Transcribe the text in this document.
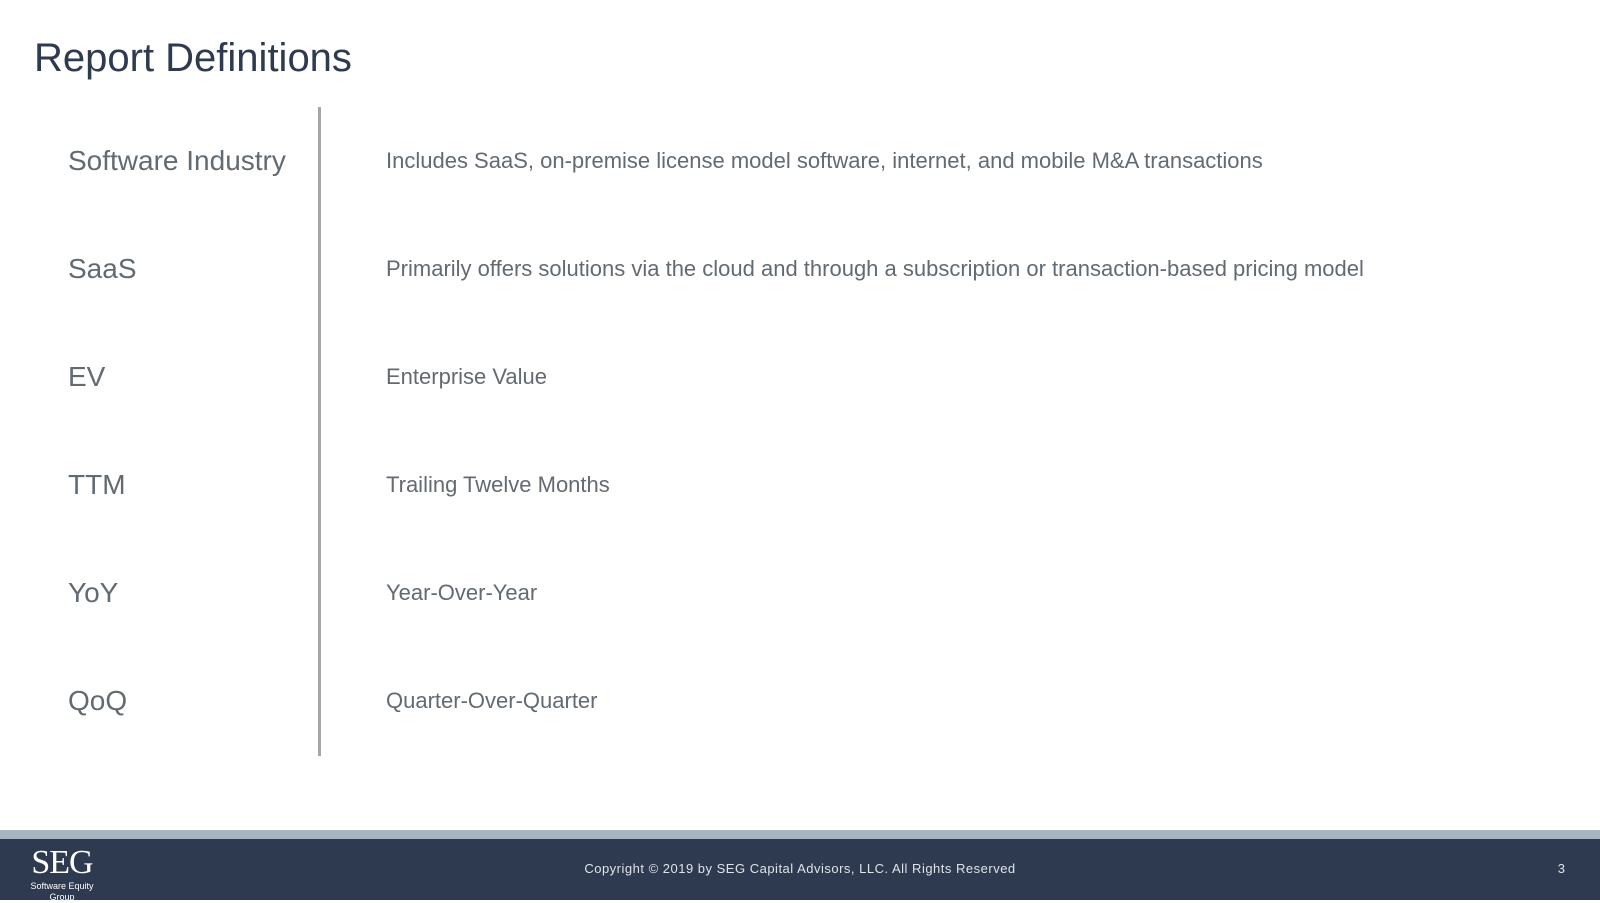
Report Definitions
Software Industry	Includes SaaS, on-premise license model software, internet, and mobile M&A transactions
SaaS	Primarily offers solutions via the cloud and through a subscription or transaction-based pricing model
EV	Enterprise Value
TTM	Trailing Twelve Months
YoY	Year-Over-Year
QoQ	Quarter-Over-Quarter
SEG
Software Equity Group
Copyright © 2019 by SEG Capital Advisors, LLC. All Rights Reserved	3
